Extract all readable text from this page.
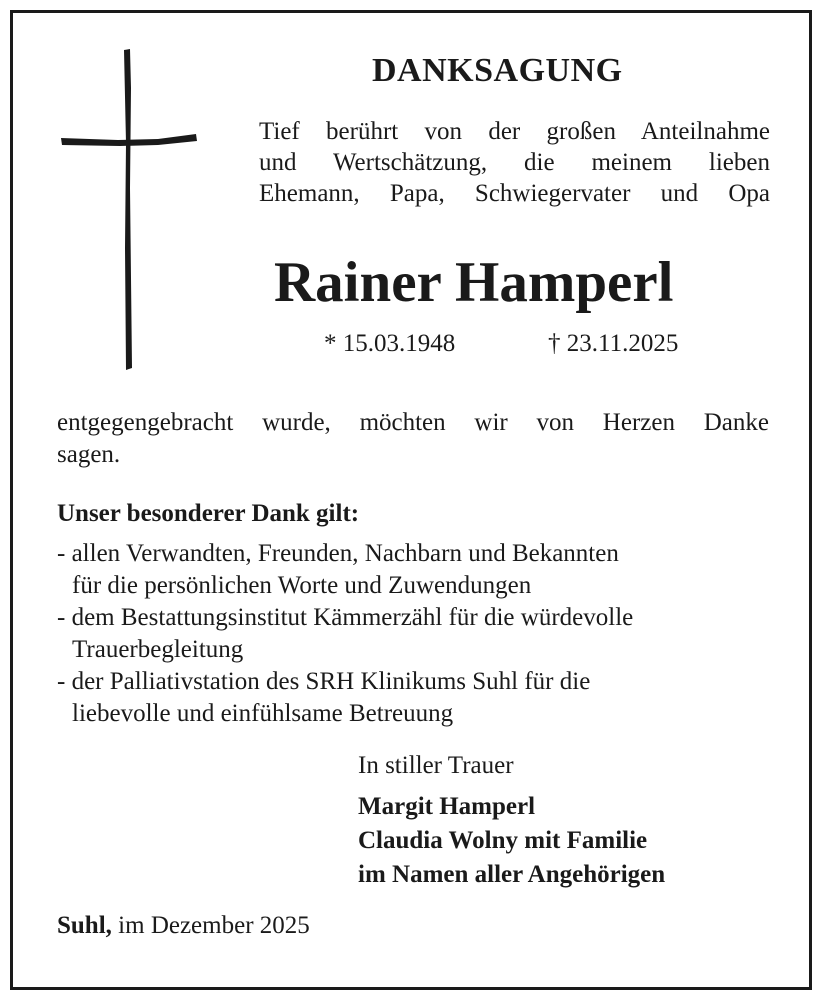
DANKSAGUNG
Tief berührt von der großen Anteilnahme
und Wertschätzung, die meinem lieben
Ehemann, Papa, Schwiegervater und Opa
Rainer Hamperl
* 15.03.1948	† 23.11.2025
entgegengebracht wurde, möchten wir von Herzen Danke
sagen.
Unser besonderer Dank gilt:
- allen Verwandten, Freunden, Nachbarn und Bekannten
für die persönlichen Worte und Zuwendungen
- dem Bestattungsinstitut Kämmerzähl für die würdevolle
Trauerbegleitung
- der Palliativstation des SRH Klinikums Suhl für die
liebevolle und einfühlsame Betreuung
In stiller Trauer
Margit Hamperl
Claudia Wolny mit Familie
im Namen aller Angehörigen
Suhl, im Dezember 2025
